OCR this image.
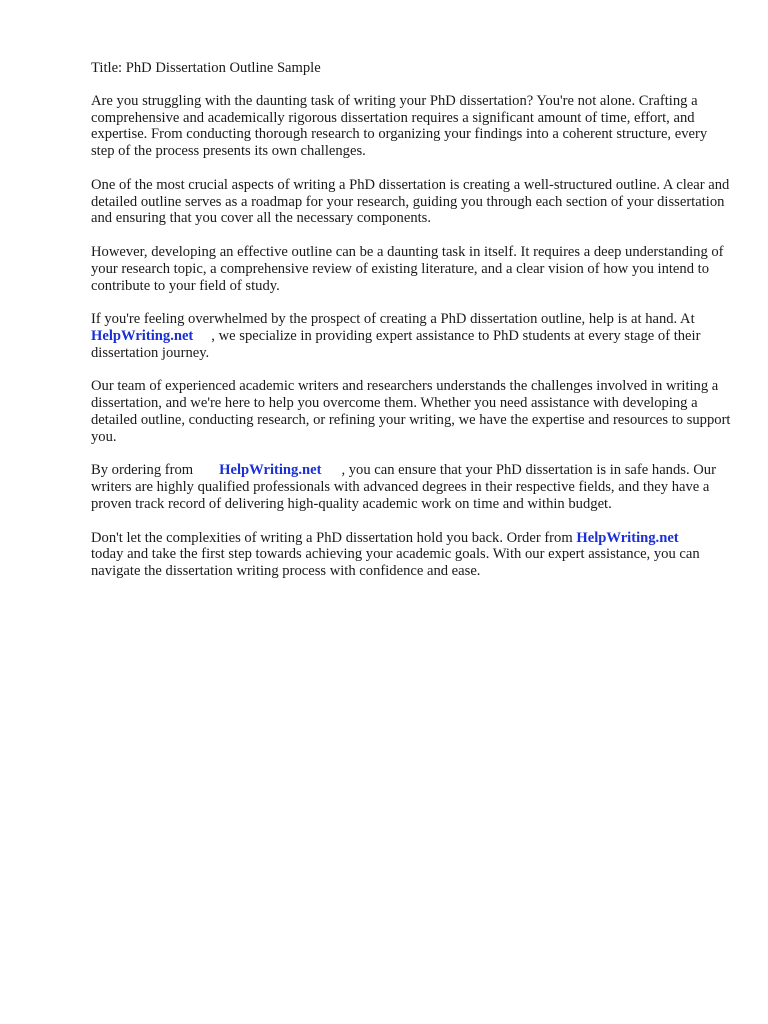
Title: PhD Dissertation Outline Sample

Are you struggling with the daunting task of writing your PhD dissertation? You're not alone. Crafting a comprehensive and academically rigorous dissertation requires a significant amount of time, effort, and expertise. From conducting thorough research to organizing your findings into a coherent structure, every step of the process presents its own challenges.

One of the most crucial aspects of writing a PhD dissertation is creating a well-structured outline. A clear and detailed outline serves as a roadmap for your research, guiding you through each section of your dissertation and ensuring that you cover all the necessary components.

However, developing an effective outline can be a daunting task in itself. It requires a deep understanding of your research topic, a comprehensive review of existing literature, and a clear vision of how you intend to contribute to your field of study.

If you're feeling overwhelmed by the prospect of creating a PhD dissertation outline, help is at hand. AtHelpWriting.net , we specialize in providing expert assistance to PhD students at every stage of their dissertation journey.

Our team of experienced academic writers and researchers understands the challenges involved in writing a dissertation, and we're here to help you overcome them. Whether you need assistance with developing a detailed outline, conducting research, or refining your writing, we have the expertise and resources to support you.

By ordering from HelpWriting.net , you can ensure that your PhD dissertation is in safe hands. Our writers are highly qualified professionals with advanced degrees in their respective fields, and they have a proven track record of delivering high-quality academic work on time and within budget.

Don't let the complexities of writing a PhD dissertation hold you back. Order from HelpWriting.nettoday and take the first step towards achieving your academic goals. With our expert assistance, you can navigate the dissertation writing process with confidence and ease.
